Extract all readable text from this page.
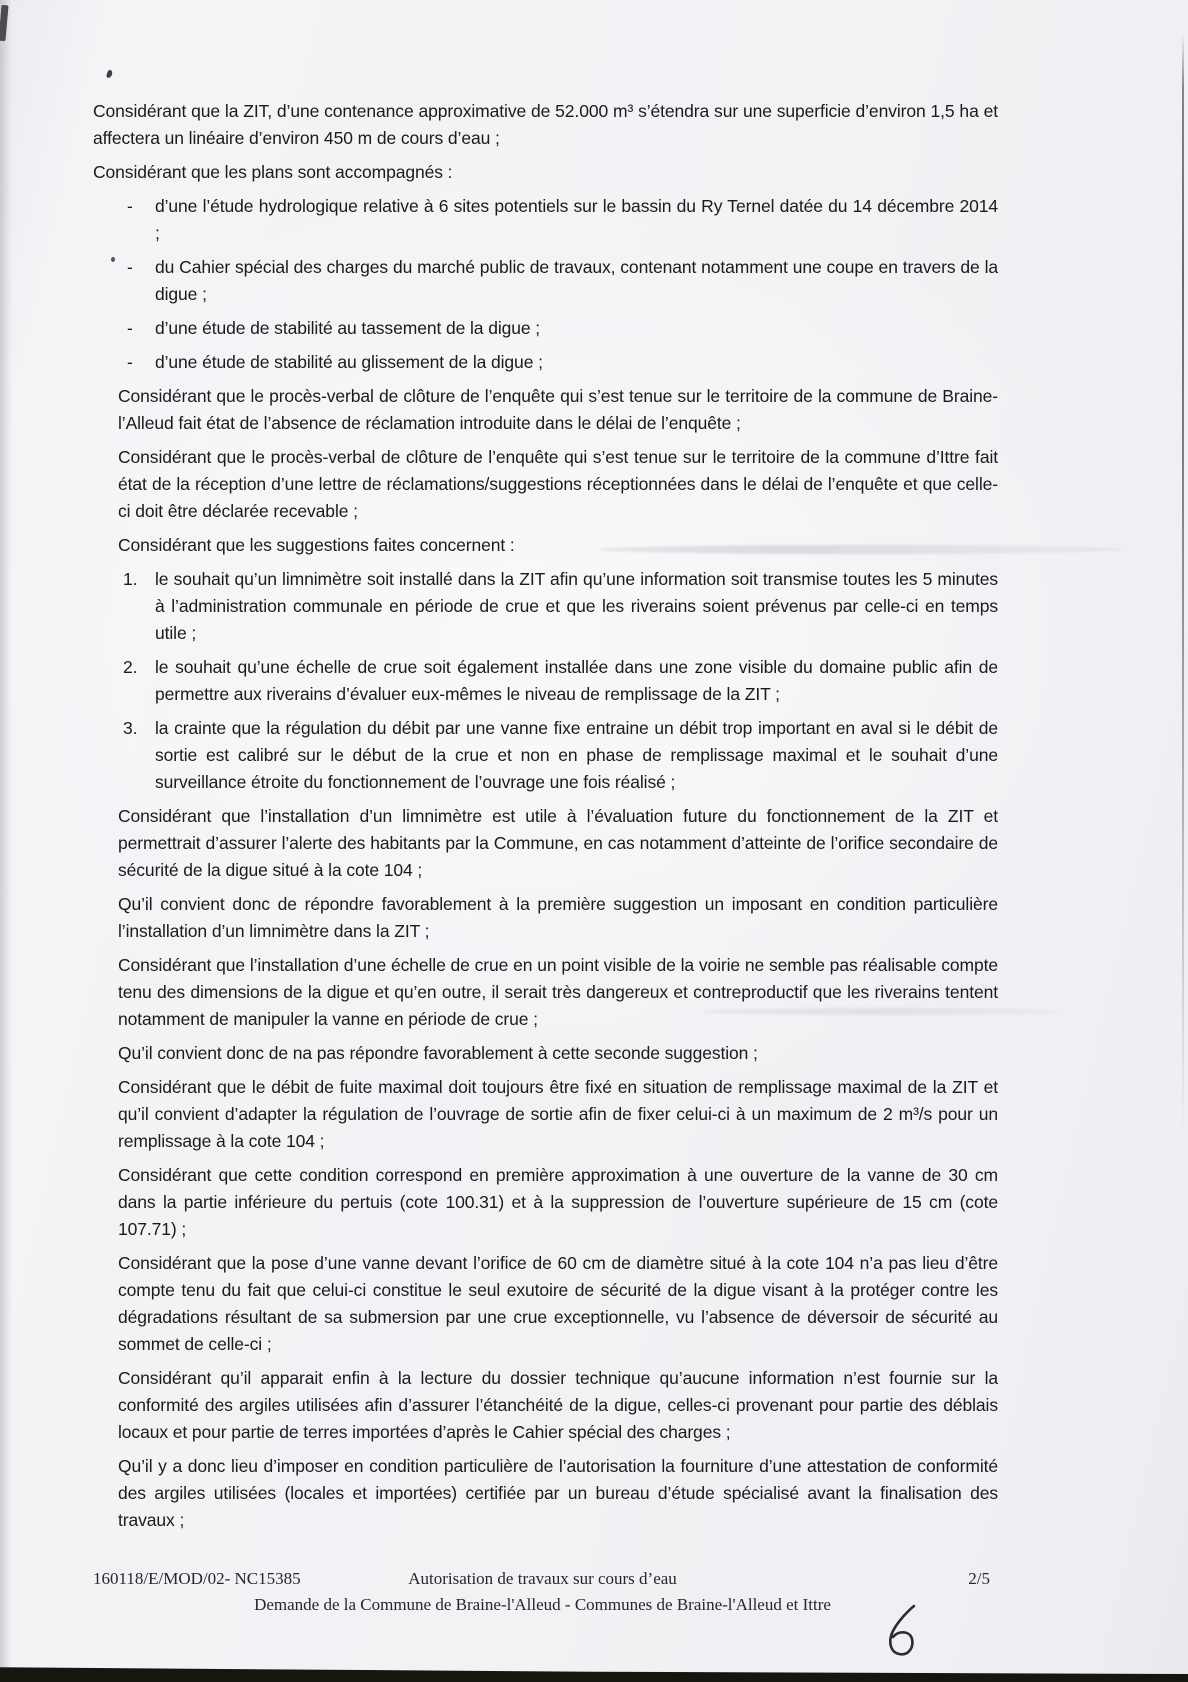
Considérant que la ZIT, d’une contenance approximative de 52.000 m³ s’étendra sur une superficie d’environ 1,5 ha et affectera un linéaire d’environ 450 m de cours d’eau ;

Considérant que les plans sont accompagnés :

-	d’une l’étude hydrologique relative à 6 sites potentiels sur le bassin du Ry Ternel datée du 14 décembre 2014 ;
-	du Cahier spécial des charges du marché public de travaux, contenant notamment une coupe en travers de la digue ;
-	d’une étude de stabilité au tassement de la digue ;
-	d’une étude de stabilité au glissement de la digue ;

Considérant que le procès-verbal de clôture de l’enquête qui s’est tenue sur le territoire de la commune de Braine-l’Alleud fait état de l’absence de réclamation introduite dans le délai de l’enquête ;

Considérant que le procès-verbal de clôture de l’enquête qui s’est tenue sur le territoire de la commune d’Ittre fait état de la réception d’une lettre de réclamations/suggestions réceptionnées dans le délai de l’enquête et que celle-ci doit être déclarée recevable ;

Considérant que les suggestions faites concernent :

1.	le souhait qu’un limnimètre soit installé dans la ZIT afin qu’une information soit transmise toutes les 5 minutes à l’administration communale en période de crue et que les riverains soient prévenus par celle-ci en temps utile ;
2.	le souhait qu’une échelle de crue soit également installée dans une zone visible du domaine public afin de permettre aux riverains d’évaluer eux-mêmes le niveau de remplissage de la ZIT ;
3.	la crainte que la régulation du débit par une vanne fixe entraine un débit trop important en aval si le débit de sortie est calibré sur le début de la crue et non en phase de remplissage maximal et le souhait d’une surveillance étroite du fonctionnement de l’ouvrage une fois réalisé ;

Considérant que l’installation d’un limnimètre est utile à l’évaluation future du fonctionnement de la ZIT et permettrait d’assurer l’alerte des habitants par la Commune, en cas notamment d’atteinte de l’orifice secondaire de sécurité de la digue situé à la cote 104 ;

Qu’il convient donc de répondre favorablement à la première suggestion un imposant en condition particulière l’installation d’un limnimètre dans la ZIT ;

Considérant que l’installation d’une échelle de crue en un point visible de la voirie ne semble pas réalisable compte tenu des dimensions de la digue et qu’en outre, il serait très dangereux et contreproductif que les riverains tentent notamment de manipuler la vanne en période de crue ;

Qu’il convient donc de na pas répondre favorablement à cette seconde suggestion ;

Considérant que le débit de fuite maximal doit toujours être fixé en situation de remplissage maximal de la ZIT et qu’il convient d’adapter la régulation de l’ouvrage de sortie afin de fixer celui-ci à un maximum de 2 m³/s pour un remplissage à la cote 104 ;

Considérant que cette condition correspond en première approximation à une ouverture de la vanne de 30 cm dans la partie inférieure du pertuis (cote 100.31) et à la suppression de l’ouverture supérieure de 15 cm (cote 107.71) ;

Considérant que la pose d’une vanne devant l’orifice de 60 cm de diamètre situé à la cote 104 n’a pas lieu d’être compte tenu du fait que celui-ci constitue le seul exutoire de sécurité de la digue visant à la protéger contre les dégradations résultant de sa submersion par une crue exceptionnelle, vu l’absence de déversoir de sécurité au sommet de celle-ci ;

Considérant qu’il apparait enfin à la lecture du dossier technique qu’aucune information n’est fournie sur la conformité des argiles utilisées afin d’assurer l’étanchéité de la digue, celles-ci provenant pour partie des déblais locaux et pour partie de terres importées d’après le Cahier spécial des charges ;

Qu’il y a donc lieu d’imposer en condition particulière de l’autorisation la fourniture d’une attestation de conformité des argiles utilisées (locales et importées) certifiée par un bureau d’étude spécialisé avant la finalisation des travaux ;

160118/E/MOD/02- NC15385	Autorisation de travaux sur cours d’eau	2/5
Demande de la Commune de Braine-l'Alleud - Communes de Braine-l'Alleud et Ittre
